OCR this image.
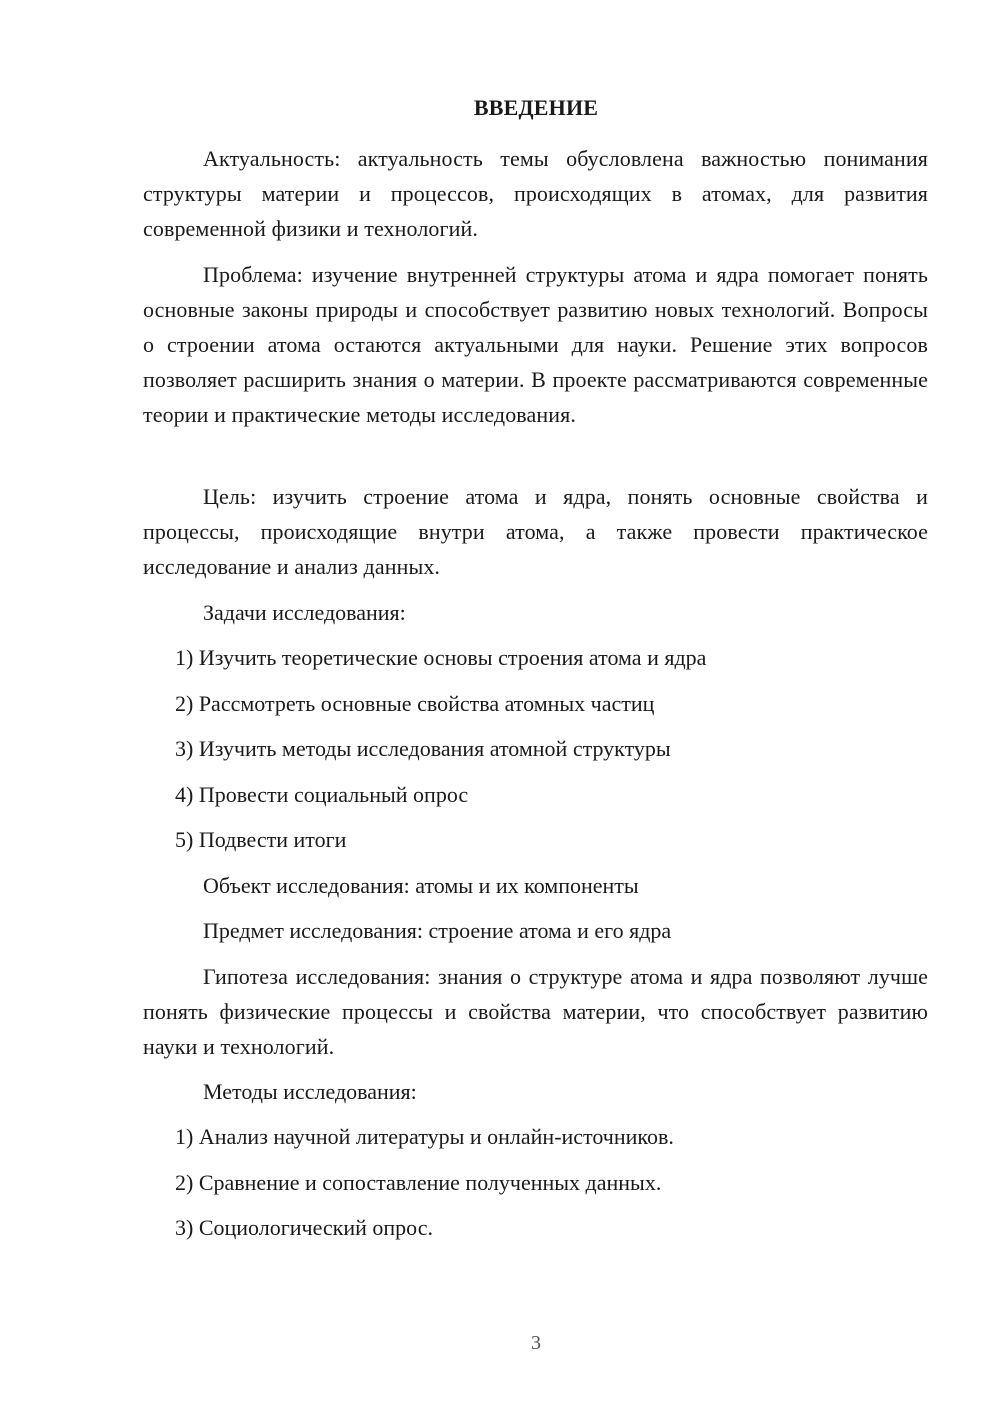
ВВЕДЕНИЕ

Актуальность: актуальность темы обусловлена важностью понимания структуры материи и процессов, происходящих в атомах, для развития современной физики и технологий.

Проблема: изучение внутренней структуры атома и ядра помогает понять основные законы природы и способствует развитию новых технологий. Вопросы о строении атома остаются актуальными для науки. Решение этих вопросов позволяет расширить знания о материи. В проекте рассматриваются современные теории и практические методы исследования.

Цель: изучить строение атома и ядра, понять основные свойства и процессы, происходящие внутри атома, а также провести практическое исследование и анализ данных.

Задачи исследования:

1) Изучить теоретические основы строения атома и ядра

2) Рассмотреть основные свойства атомных частиц

3) Изучить методы исследования атомной структуры

4) Провести социальный опрос

5) Подвести итоги

Объект исследования: атомы и их компоненты

Предмет исследования: строение атома и его ядра

Гипотеза исследования: знания о структуре атома и ядра позволяют лучше понять физические процессы и свойства материи, что способствует развитию науки и технологий.

Методы исследования:

1) Анализ научной литературы и онлайн-источников.

2) Сравнение и сопоставление полученных данных.

3) Социологический опрос.

3
